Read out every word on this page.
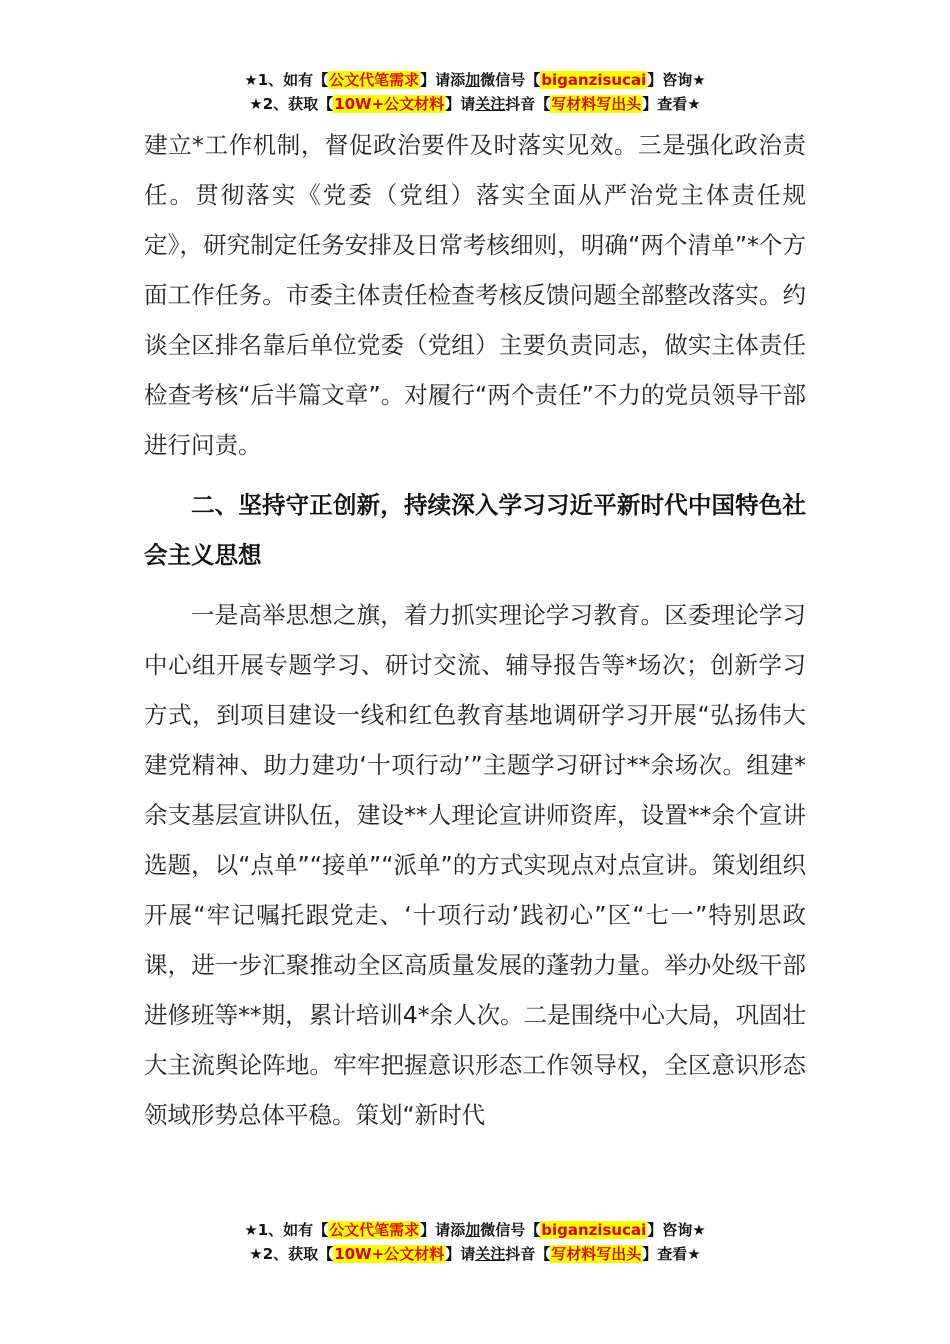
★1、如有【公文代笔需求】请添加微信号【biganzisucai】咨询★
★2、获取【10W+公文材料】请关注抖音【写材料写出头】查看★

建立*工作机制，督促政治要件及时落实见效。三是强化政治责任。贯彻落实《党委（党组）落实全面从严治党主体责任规定》，研究制定任务安排及日常考核细则，明确“两个清单”*个方面工作任务。市委主体责任检查考核反馈问题全部整改落实。约谈全区排名靠后单位党委（党组）主要负责同志，做实主体责任检查考核“后半篇文章”。对履行“两个责任”不力的党员领导干部进行问责。

二、坚持守正创新，持续深入学习习近平新时代中国特色社会主义思想

一是高举思想之旗，着力抓实理论学习教育。区委理论学习中心组开展专题学习、研讨交流、辅导报告等*场次；创新学习方式，到项目建设一线和红色教育基地调研学习开展“弘扬伟大建党精神、助力建功‘十项行动’”主题学习研讨**余场次。组建*余支基层宣讲队伍，建设**人理论宣讲师资库，设置**余个宣讲选题，以“点单”“接单”“派单”的方式实现点对点宣讲。策划组织开展“牢记嘱托跟党走、‘十项行动’践初心”区“七一”特别思政课，进一步汇聚推动全区高质量发展的蓬勃力量。举办处级干部进修班等**期，累计培训4*余人次。二是围绕中心大局，巩固壮大主流舆论阵地。牢牢把握意识形态工作领导权，全区意识形态领域形势总体平稳。策划“新时代

★1、如有【公文代笔需求】请添加微信号【biganzisucai】咨询★
★2、获取【10W+公文材料】请关注抖音【写材料写出头】查看★
